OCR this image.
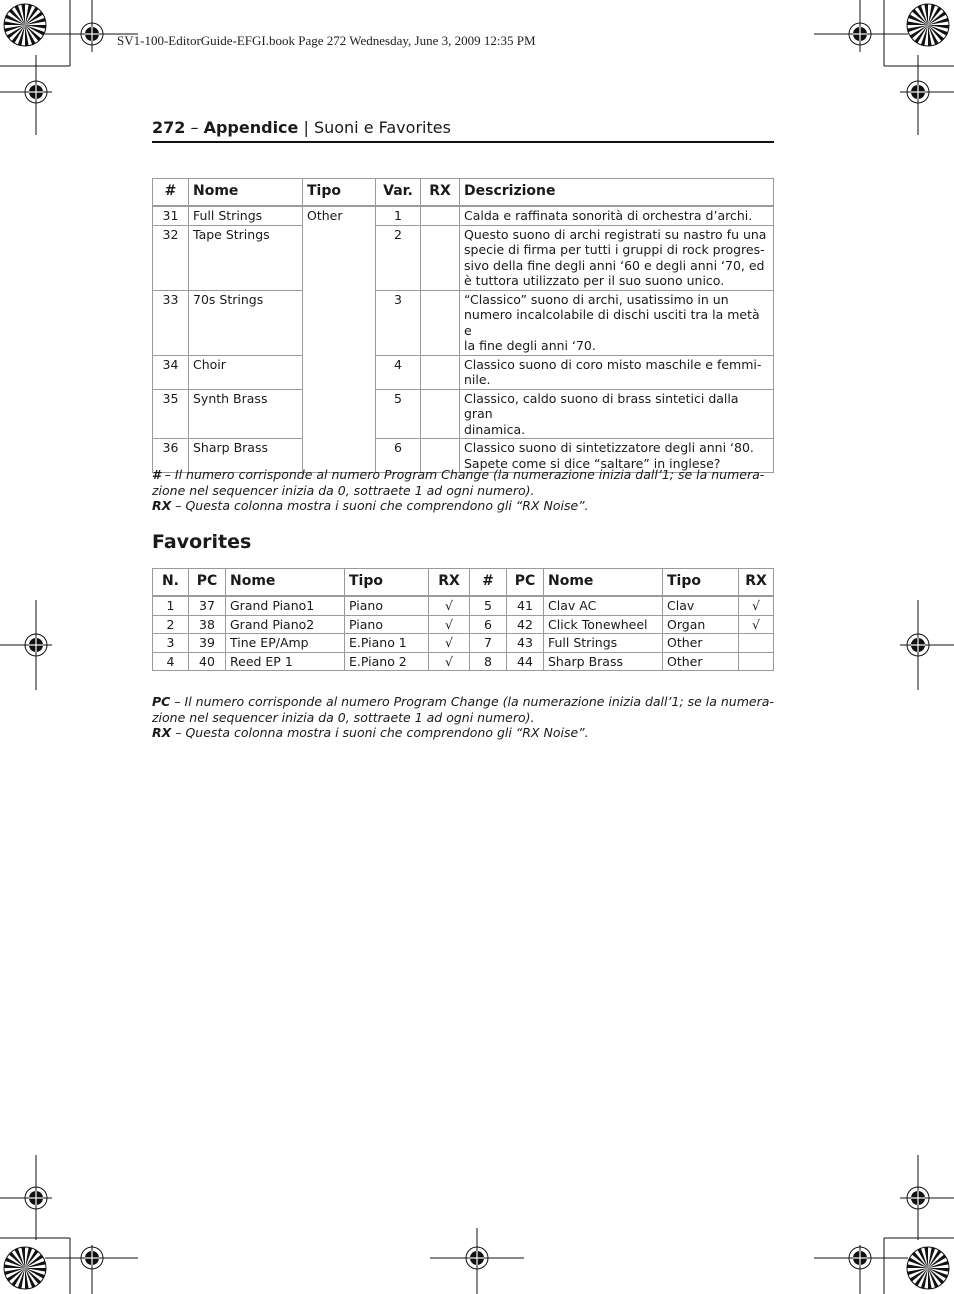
SV1-100-EditorGuide-EFGI.book Page 272 Wednesday, June 3, 2009 12:35 PM
272 – Appendice | Suoni e Favorites
#	Nome	Tipo	Var.	RX	Descrizione
31	Full Strings	Other	1		Calda e raffinata sonorità di orchestra d’archi.

32	Tape Strings		2		Questo suono di archi registrati su nastro fu una
specie di firma per tutti i gruppi di rock progres-
sivo della fine degli anni ‘60 e degli anni ‘70, ed
è tuttora utilizzato per il suo suono unico.

33	70s Strings		3		“Classico” suono di archi, usatissimo in un
numero incalcolabile di dischi usciti tra la metà e
la fine degli anni ‘70.

34	Choir		4		Classico suono di coro misto maschile e femmi-
nile.

35	Synth Brass		5		Classico, caldo suono di brass sintetici dalla gran
dinamica.

36	Sharp Brass		6		Classico suono di sintetizzatore degli anni ‘80.
Sapete come si dice “saltare” in inglese?
# – Il numero corrisponde al numero Program Change (la numerazione inizia dall’1; se la numera-
zione nel sequencer inizia da 0, sottraete 1 ad ogni numero).
RX – Questa colonna mostra i suoni che comprendono gli “RX Noise”.
Favorites
N.	PC	Nome	Tipo	RX	#	PC	Nome	Tipo	RX
1	37	Grand Piano1	Piano	√	5	41	Clav AC	Clav	√
2	38	Grand Piano2	Piano	√	6	42	Click Tonewheel	Organ	√
3	39	Tine EP/Amp	E.Piano 1	√	7	43	Full Strings	Other	
4	40	Reed EP 1	E.Piano 2	√	8	44	Sharp Brass	Other	
PC – Il numero corrisponde al numero Program Change (la numerazione inizia dall’1; se la numera-
zione nel sequencer inizia da 0, sottraete 1 ad ogni numero).
RX – Questa colonna mostra i suoni che comprendono gli “RX Noise”.
